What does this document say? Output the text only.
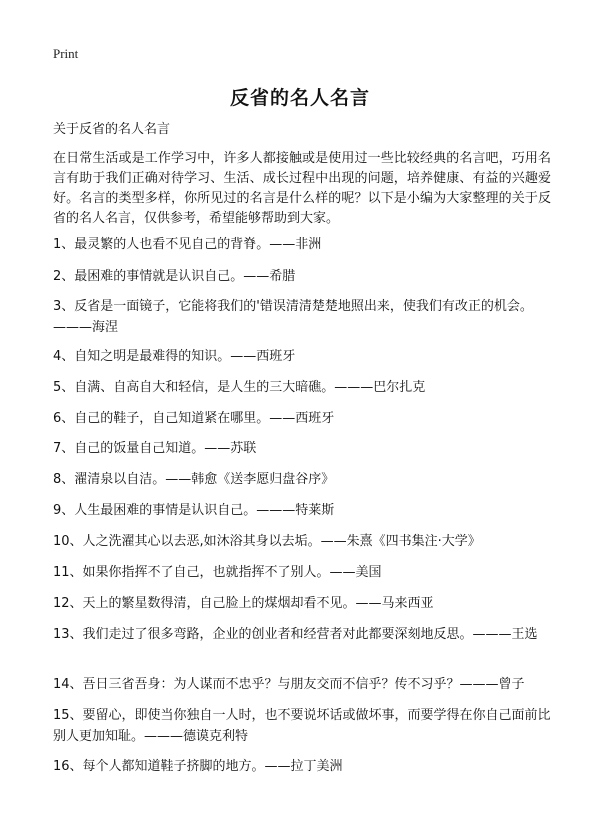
Print
反省的名人名言
关于反省的名人名言

在日常生活或是工作学习中，许多人都接触或是使用过一些比较经典的名言吧，巧用名言有助于我们正确对待学习、生活、成长过程中出现的问题，培养健康、有益的兴趣爱好。名言的类型多样，你所见过的名言是什么样的呢？以下是小编为大家整理的关于反省的名人名言，仅供参考，希望能够帮助到大家。

1、最灵繁的人也看不见自己的背脊。——非洲

2、最困难的事情就是认识自己。——希腊

3、反省是一面镜子，它能将我们的'错误清清楚楚地照出来，使我们有改正的机会。———海涅

4、自知之明是最难得的知识。——西班牙

5、自满、自高自大和轻信，是人生的三大暗礁。———巴尔扎克

6、自己的鞋子，自己知道紧在哪里。——西班牙

7、自己的饭量自己知道。——苏联

8、濯清泉以自洁。——韩愈《送李愿归盘谷序》

9、人生最困难的事情是认识自己。———特莱斯

10、人之洗濯其心以去恶,如沐浴其身以去垢。——朱熹《四书集注·大学》

11、如果你指挥不了自己，也就指挥不了别人。——美国

12、天上的繁星数得清，自己脸上的煤烟却看不见。——马来西亚

13、我们走过了很多弯路，企业的创业者和经营者对此都要深刻地反思。———王选

14、吾日三省吾身：为人谋而不忠乎？与朋友交而不信乎？传不习乎？———曾子

15、要留心，即使当你独自一人时，也不要说坏话或做坏事，而要学得在你自己面前比别人更加知耻。———德谟克利特

16、每个人都知道鞋子挤脚的地方。——拉丁美洲
